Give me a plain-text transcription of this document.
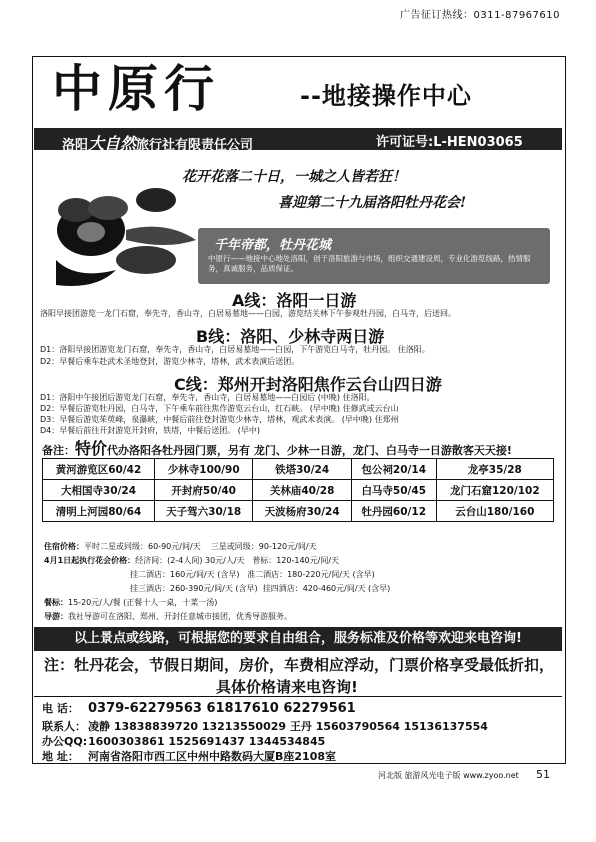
广告征订热线：0311-87967610
中原行	--地接操作中心
洛阳大自然旅行社有限责任公司	许可证号:L-HEN03065
花开花落二十日，一城之人皆若狂！
喜迎第二十九届洛阳牡丹花会!
千年帝都，牡丹花城
中原行——地接中心地处洛阳，创于洛阳旅游与市场，组织交通建设周，专业化游览线路，热情服务，真诚服务，品质保证。
A线：洛阳一日游
洛阳早接团游览一龙门石窟，奉先寺，香山寺，白居易墓地——白园，游览结关林下午参观牡丹园，白马寺，后送回。
B线：洛阳、少林寺两日游
D1：洛阳早接团游览龙门石窟，奉先寺，香山寺，白居易墓地——白园，下午游览白马寺，牡丹园。 住洛阳。
D2：早餐后乘车赴武术圣地登封，游览少林寺，塔林，武术表演后送团。
C线：郑州开封洛阳焦作云台山四日游
D1：洛阳中午接团后游览龙门石窟，奉先寺，香山寺，白居易墓地——白园后 (中晚) 住洛阳。
D2：早餐后游览牡丹园，白马寺，下午乘车前往焦作游览云台山，红石峡。 (早中晚) 住修武或云台山
D3：早餐后游览茱萸峰，泉瀑峡，中餐后前往登封游览少林寺，塔林，观武术表演。 (早中晚) 住郑州
D4：早餐后前往开封游览开封府，铁塔，中餐后送团。 (早中)
备注：特价代办洛阳各牡丹园门票，另有 龙门、少林一日游，龙门、白马寺一日游散客天天接!
黄河游览区60/42	少林寺100/90	铁塔30/24	包公祠20/14	龙亭35/28
大相国寺30/24	开封府50/40	关林庙40/28	白马寺50/45	龙门石窟120/102
清明上河园80/64	天子驾六30/18	天波杨府30/24	牡丹园60/12	云台山180/160
住宿价格：平时二星或同级：60-90元/间/天 三星或同级：90-120元/间/天
4月1日起执行花会价格：经济间：(2-4人间) 30元/人/天 普标：120-140元/间/天
挂二酒店：160元/间/天 (含早) 准二酒店：180-220元/间/天 (含早)
挂三酒店：260-390元/间/天 (含早) 挂四酒店：420-460元/间/天 (含早)
餐标：15-20元/人/餐 (正餐十人一桌，十菜一汤)
导游：我社导游可在洛阳、郑州、开封任意城市接团，优秀导游服务。
以上景点或线路，可根据您的要求自由组合，服务标准及价格等欢迎来电咨询!
注：牡丹花会，节假日期间，房价，车费相应浮动，门票价格享受最低折扣，
具体价格请来电咨询!
电 话： 0379-62279563 61817610 62279561
联系人： 凌静 13838839720 13213550029 王丹 15603790564 15136137554
办公QQ:1600303861 1525691437 1344534845
地 址： 河南省洛阳市西工区中州中路数码大厦B座2108室
河北版 旅游风光电子版 www.zyoo.net 51
